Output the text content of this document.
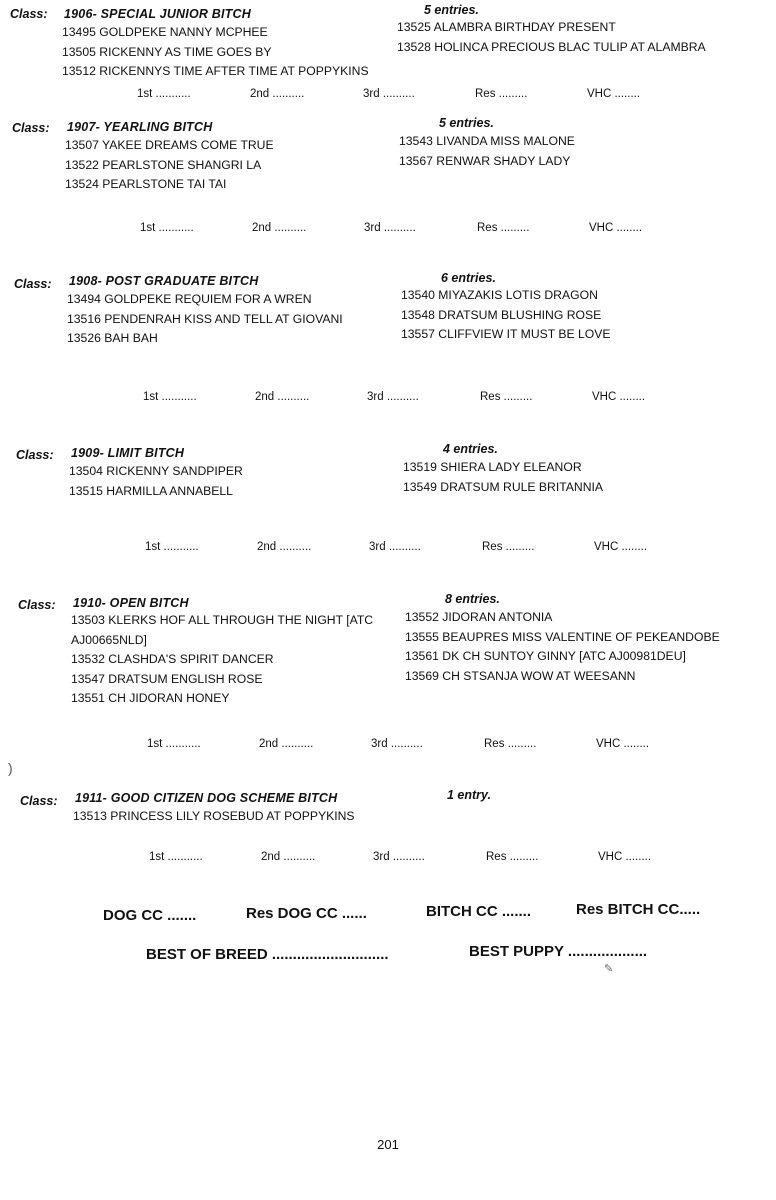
Class: 1906- SPECIAL JUNIOR BITCH	5 entries.
13495 GOLDPEKE NANNY MCPHEE
13505 RICKENNY AS TIME GOES BY
13512 RICKENNYS TIME AFTER TIME AT POPPYKINS
13525 ALAMBRA BIRTHDAY PRESENT
13528 HOLINCA PRECIOUS BLAC TULIP AT ALAMBRA
1st ...........	2nd ..........	3rd ..........	Res .........	VHC ........
Class: 1907- YEARLING BITCH	5 entries.
13507 YAKEE DREAMS COME TRUE
13522 PEARLSTONE SHANGRI LA
13524 PEARLSTONE TAI TAI
13543 LIVANDA MISS MALONE
13567 RENWAR SHADY LADY
1st ...........	2nd ..........	3rd ..........	Res .........	VHC ........
Class: 1908- POST GRADUATE BITCH	6 entries.
13494 GOLDPEKE REQUIEM FOR A WREN
13516 PENDENRAH KISS AND TELL AT GIOVANI
13526 BAH BAH
13540 MIYAZAKIS LOTIS DRAGON
13548 DRATSUM BLUSHING ROSE
13557 CLIFFVIEW IT MUST BE LOVE
1st ...........	2nd ..........	3rd ..........	Res .........	VHC ........
Class: 1909- LIMIT BITCH	4 entries.
13504 RICKENNY SANDPIPER
13515 HARMILLA ANNABELL
13519 SHIERA LADY ELEANOR
13549 DRATSUM RULE BRITANNIA
1st ...........	2nd ..........	3rd ..........	Res .........	VHC ........
Class: 1910- OPEN BITCH	8 entries.
13503 KLERKS HOF ALL THROUGH THE NIGHT [ATC AJ00665NLD]
13532 CLASHDA'S SPIRIT DANCER
13547 DRATSUM ENGLISH ROSE
13551 CH JIDORAN HONEY
13552 JIDORAN ANTONIA
13555 BEAUPRES MISS VALENTINE OF PEKEANDOBE
13561 DK CH SUNTOY GINNY [ATC AJ00981DEU]
13569 CH STSANJA WOW AT WEESANN
1st ...........	2nd ..........	3rd ..........	Res .........	VHC ........
Class: 1911- GOOD CITIZEN DOG SCHEME BITCH	1 entry.
13513 PRINCESS LILY ROSEBUD AT POPPYKINS
1st ...........	2nd ..........	3rd ..........	Res .........	VHC ........
DOG CC .......	Res DOG CC ......	BITCH CC .......	Res BITCH CC.....
BEST OF BREED ............................	BEST PUPPY ...................
)
✎
201
